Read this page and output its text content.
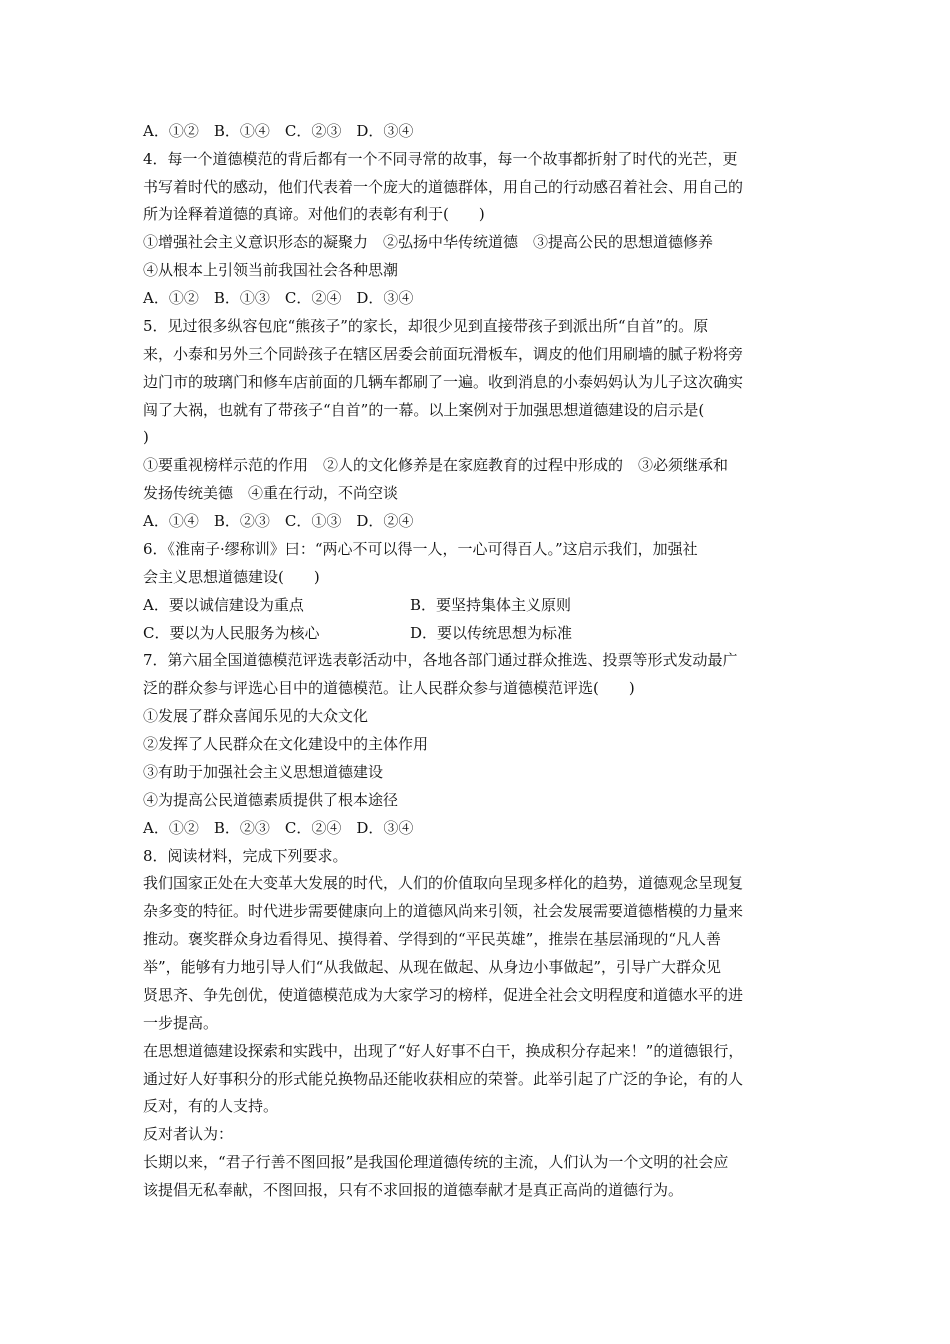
A．①②　B．①④　C．②③　D．③④
4．每一个道德模范的背后都有一个不同寻常的故事，每一个故事都折射了时代的光芒，更
书写着时代的感动，他们代表着一个庞大的道德群体，用自己的行动感召着社会、用自己的
所为诠释着道德的真谛。对他们的表彰有利于(　　)
①增强社会主义意识形态的凝聚力　②弘扬中华传统道德　③提高公民的思想道德修养
④从根本上引领当前我国社会各种思潮
A．①②　B．①③　C．②④　D．③④
5．见过很多纵容包庇“熊孩子”的家长，却很少见到直接带孩子到派出所“自首”的。原
来，小泰和另外三个同龄孩子在辖区居委会前面玩滑板车，调皮的他们用刷墙的腻子粉将旁
边门市的玻璃门和修车店前面的几辆车都刷了一遍。收到消息的小泰妈妈认为儿子这次确实
闯了大祸，也就有了带孩子“自首”的一幕。以上案例对于加强思想道德建设的启示是(
)
①要重视榜样示范的作用　②人的文化修养是在家庭教育的过程中形成的　③必须继承和
发扬传统美德　④重在行动，不尚空谈
A．①④　B．②③　C．①③　D．②④
6．《淮南子·缪称训》曰：“两心不可以得一人，一心可得百人。”这启示我们，加强社
会主义思想道德建设(　　)
A．要以诚信建设为重点	B．要坚持集体主义原则
C．要以为人民服务为核心	D．要以传统思想为标准
7．第六届全国道德模范评选表彰活动中，各地各部门通过群众推选、投票等形式发动最广
泛的群众参与评选心目中的道德模范。让人民群众参与道德模范评选(　　)
①发展了群众喜闻乐见的大众文化
②发挥了人民群众在文化建设中的主体作用
③有助于加强社会主义思想道德建设
④为提高公民道德素质提供了根本途径
A．①②　B．②③　C．②④　D．③④
8．阅读材料，完成下列要求。
我们国家正处在大变革大发展的时代，人们的价值取向呈现多样化的趋势，道德观念呈现复
杂多变的特征。时代进步需要健康向上的道德风尚来引领，社会发展需要道德楷模的力量来
推动。褒奖群众身边看得见、摸得着、学得到的“平民英雄”，推崇在基层涌现的“凡人善
举”，能够有力地引导人们“从我做起、从现在做起、从身边小事做起”，引导广大群众见
贤思齐、争先创优，使道德模范成为大家学习的榜样，促进全社会文明程度和道德水平的进
一步提高。
在思想道德建设探索和实践中，出现了“好人好事不白干，换成积分存起来！”的道德银行，
通过好人好事积分的形式能兑换物品还能收获相应的荣誉。此举引起了广泛的争论，有的人
反对，有的人支持。
反对者认为：
长期以来，“君子行善不图回报”是我国伦理道德传统的主流，人们认为一个文明的社会应
该提倡无私奉献，不图回报，只有不求回报的道德奉献才是真正高尚的道德行为。
